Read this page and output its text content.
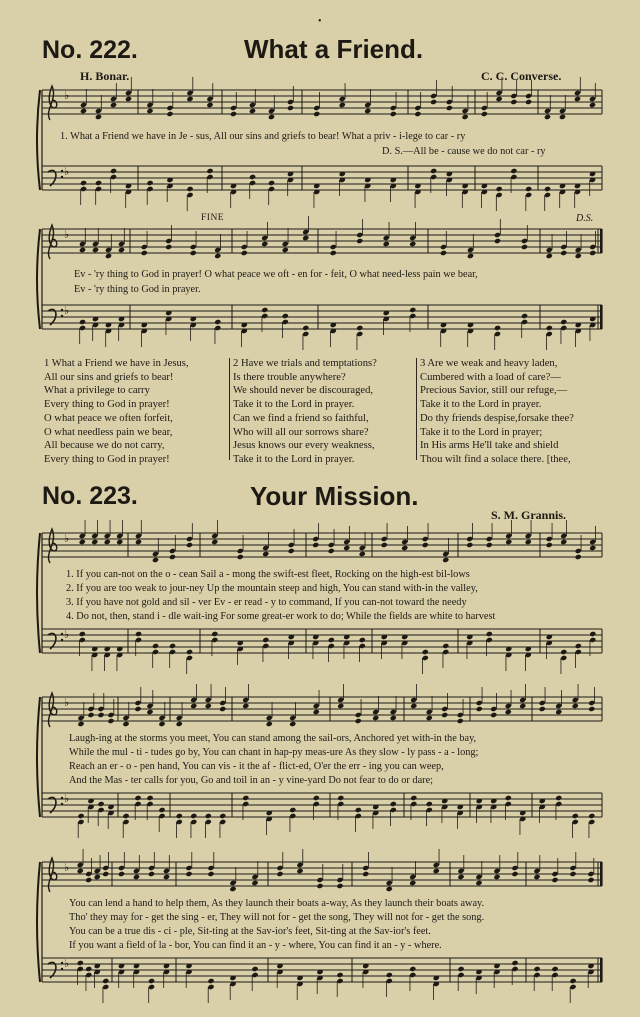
•
No. 222.	What a Friend.
H. Bonar.	C. C. Converse.
♭
♭
♭
♭
♭
♭
♭
♭
♭
♭
1. What a Friend we have in Je - sus, All our sins and griefs to bear! What a priv - i-lege to car - ry
D. S.—All be - cause we do not car - ry
FINE	D.S.
Ev - 'ry thing to God in prayer! O what peace we oft - en for - feit, O what need-less pain we bear,
Ev - 'ry thing to God in prayer.
1 What a Friend we have in Jesus,
All our sins and griefs to bear!
What a privilege to carry
Every thing to God in prayer!
O what peace we often forfeit,
O what needless pain we bear,
All because we do not carry,
Every thing to God in prayer!
2 Have we trials and temptations?
Is there trouble anywhere?
We should never be discouraged,
Take it to the Lord in prayer.
Can we find a friend so faithful,
Who will all our sorrows share?
Jesus knows our every weakness,
Take it to the Lord in prayer.
3 Are we weak and heavy laden,
Cumbered with a load of care?—
Precious Savior, still our refuge,—
Take it to the Lord in prayer.
Do thy friends despise,forsake thee?
Take it to the Lord in prayer;
In His arms He'll take and shield
Thou wilt find a solace there. [thee,
No. 223.	Your Mission.
S. M. Grannis.
1. If you can-not on the o - cean Sail a - mong the swift-est fleet, Rocking on the high-est bil-lows
2. If you are too weak to jour-ney Up the mountain steep and high, You can stand with-in the valley,
3. If you have not gold and sil - ver Ev - er read - y to command, If you can-not toward the needy
4. Do not, then, stand i - dle wait-ing For some great-er work to do; While the fields are white to harvest
Laugh-ing at the storms you meet, You can stand among the sail-ors, Anchored yet with-in the bay,
While the mul - ti - tudes go by, You can chant in hap-py meas-ure As they slow - ly pass - a - long;
Reach an er - o - pen hand, You can vis - it the af - flict-ed, O'er the err - ing you can weep,
And the Mas - ter calls for you, Go and toil in an - y vine-yard Do not fear to do or dare;
You can lend a hand to help them, As they launch their boats a-way, As they launch their boats away.
Tho' they may for - get the sing - er, They will not for - get the song, They will not for - get the song.
You can be a true dis - ci - ple, Sit-ting at the Sav-ior's feet, Sit-ting at the Sav-ior's feet.
If you want a field of la - bor, You can find it an - y - where, You can find it an - y - where.
